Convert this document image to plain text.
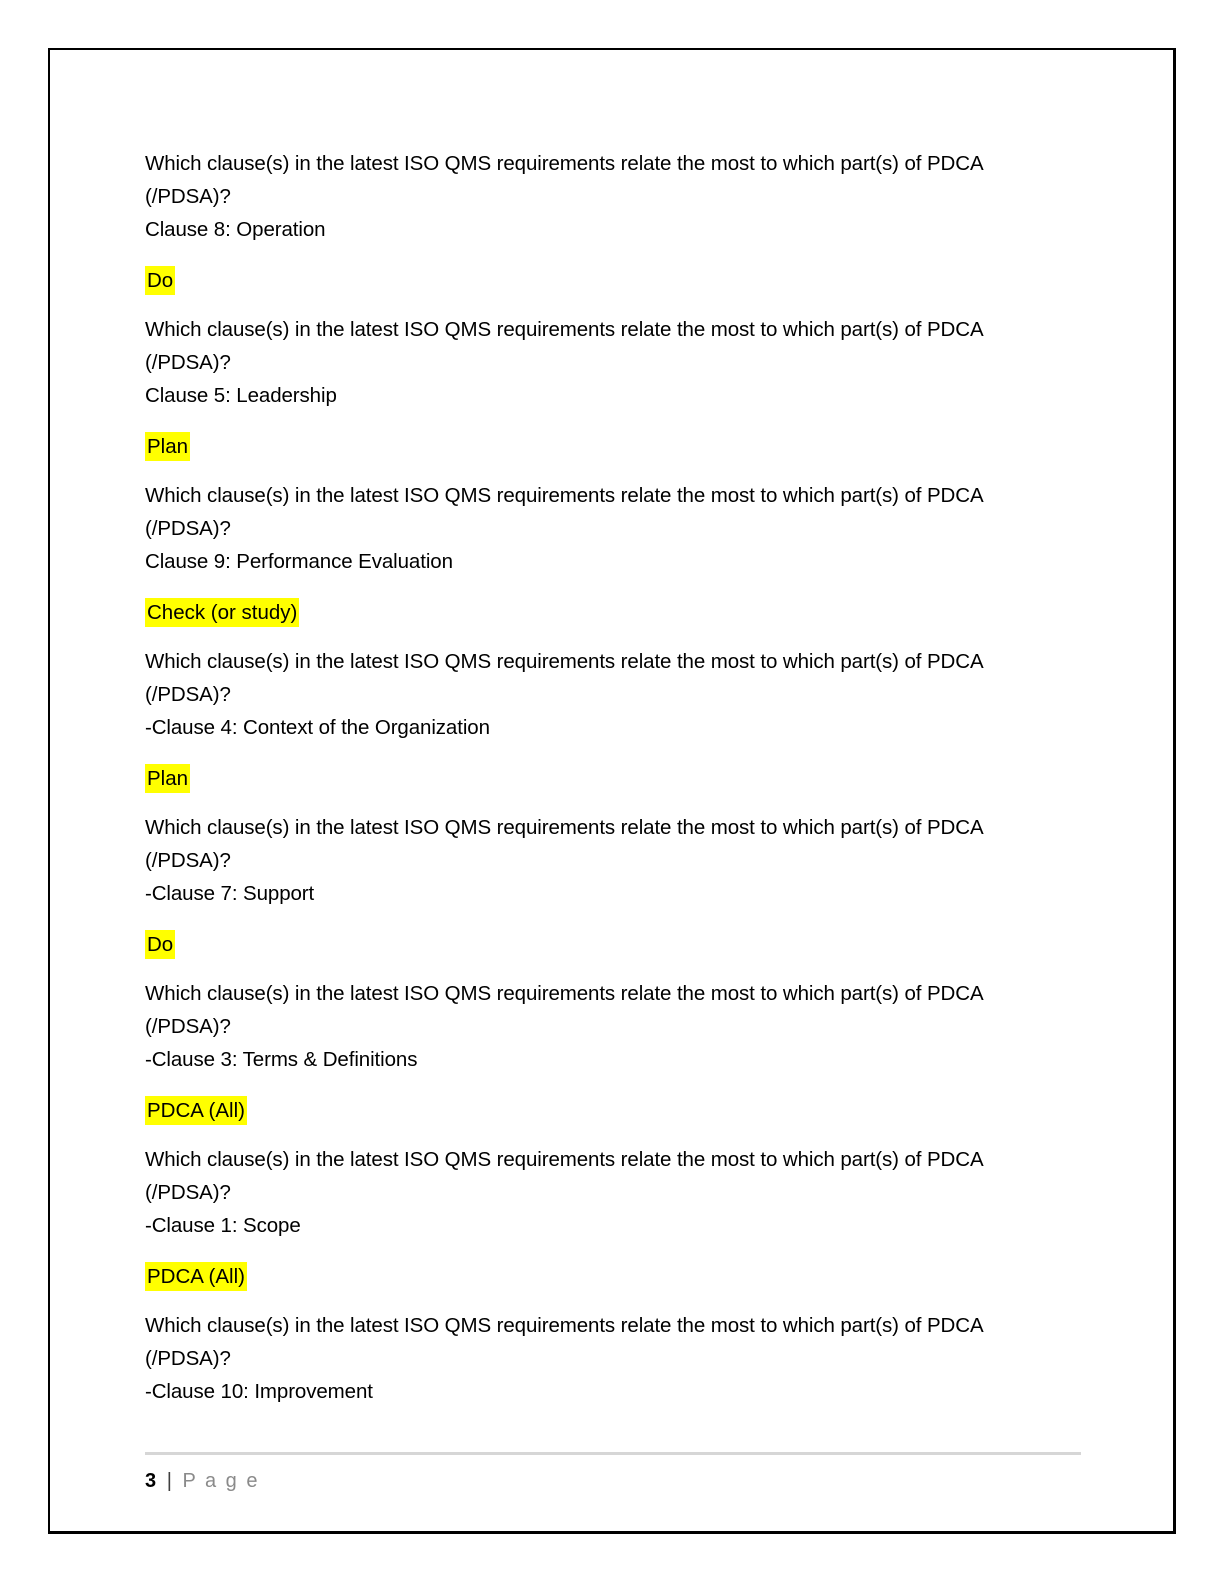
Which clause(s) in the latest ISO QMS requirements relate the most to which part(s) of PDCA
(/PDSA)?
Clause 8: Operation

Do

Which clause(s) in the latest ISO QMS requirements relate the most to which part(s) of PDCA
(/PDSA)?
Clause 5: Leadership

Plan

Which clause(s) in the latest ISO QMS requirements relate the most to which part(s) of PDCA
(/PDSA)?
Clause 9: Performance Evaluation

Check (or study)

Which clause(s) in the latest ISO QMS requirements relate the most to which part(s) of PDCA
(/PDSA)?
-Clause 4: Context of the Organization

Plan

Which clause(s) in the latest ISO QMS requirements relate the most to which part(s) of PDCA
(/PDSA)?
-Clause 7: Support

Do

Which clause(s) in the latest ISO QMS requirements relate the most to which part(s) of PDCA
(/PDSA)?
-Clause 3: Terms & Definitions

PDCA (All)

Which clause(s) in the latest ISO QMS requirements relate the most to which part(s) of PDCA
(/PDSA)?
-Clause 1: Scope

PDCA (All)

Which clause(s) in the latest ISO QMS requirements relate the most to which part(s) of PDCA
(/PDSA)?
-Clause 10: Improvement

3 | P a g e
